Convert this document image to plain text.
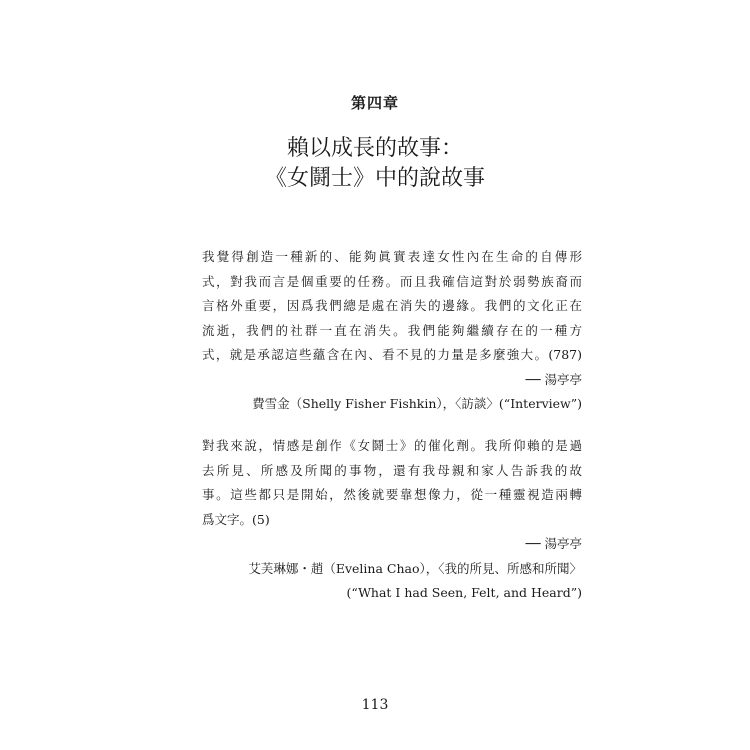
第四章
賴以成長的故事：
《女鬪士》中的說故事
我覺得創造一種新的、能夠眞實表達女性內在生命的自傳形
式，對我而言是個重要的任務。而且我確信這對於弱勢族裔而
言格外重要，因爲我們總是處在消失的邊緣。我們的文化正在
流逝，我們的社群一直在消失。我們能夠繼續存在的一種方
式，就是承認這些蘊含在內、看不見的力量是多麼強大。(787)
── 湯亭亭
費雪金（Shelly Fisher Fishkin），〈訪談〉(“Interview”)
對我來說，情感是創作《女鬪士》的催化劑。我所仰賴的是過
去所見、所感及所聞的事物，還有我母親和家人告訴我的故
事。這些都只是開始，然後就要靠想像力，從一種靈視造兩轉
爲文字。(5)
── 湯亭亭
艾芙琳娜・趙（Evelina Chao），〈我的所見、所感和所聞〉
(“What I had Seen, Felt, and Heard”)
113
